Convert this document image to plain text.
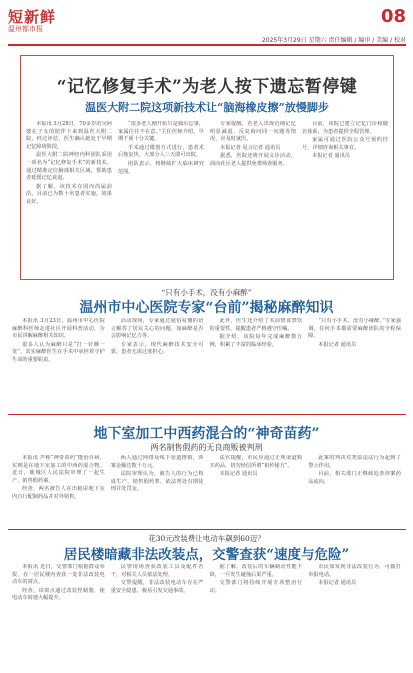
短新鲜
温州都市报
08
2025年3月29日 星期六 责任编辑 / 编审 / 美编 / 校对
“记忆修复手术”为老人按下遗忘暂停键
温医大附二院这项新技术让“脑海橡皮擦”放慢脚步

本报讯 3月28日，70多岁的吴阿婆在子女的陪伴下来到温医大附二院，经过评估，医生确认她处于早期记忆障碍阶段。

温医大附二院神经内科团队采用一项名为“记忆修复手术”的新技术，通过精准定位脑部相关区域，帮助患者延缓记忆衰退。

据了解，该技术在国内尚属前沿，目前已为数十名患者实施，效果良好。

“很多老人刚开始只是偶尔忘事，家属往往不在意。”主任医师介绍，早期干预十分关键。

手术通过微创方式进行，患者术后恢复快，大部分人三天即可出院。

团队表示，将继续扩大临床研究范围。

专家提醒，若老人出现近期记忆明显减退、反复询问同一问题等情况，应及时就医。

本报记者 见习记者 通讯员

据悉，医院还将开展义诊活动，面向社区老人提供免费筛查服务。

目前，该院已建立记忆门诊和随访体系，为患者提供全程管理。

家属可通过医院公众号预约挂号，详细咨询相关事宜。

本报记者 通讯员

“只有小手术，没有小麻醉”
温州市中心医院专家“台前”揭秘麻醉知识

本报讯 3月23日，温州市中心医院麻醉科医师走进社区开展科普活动，为市民讲解麻醉相关知识。

很多人认为麻醉只是“打一针睡一觉”，其实麻醉医生在手术中承担着守护生命的重要职责。

活动现场，专家通过通俗易懂的语言解答了居民关心的问题，如麻醉是否会影响记忆力等。

专家表示，现代麻醉技术安全可靠，患者无需过度担心。

此外，医生还介绍了术前禁食禁饮的重要性，提醒患者严格遵守医嘱。

据介绍，该院每年完成麻醉数万例，积累了丰富的临床经验。

“只有小手术，没有小麻醉。”专家强调，任何手术都需要麻醉团队的全程保障。

本报记者 通讯员

地下室加工中西药混合的“神奇苗药”
两名制售假药的无良商贩被判刑

本报讯 声称“神奇苗药”能治百病，实则是在地下室加工的中西药混合物。近日，鹿城区人民法院审理了一起生产、销售假药案。

经查，两名被告人在出租屋地下室内自行配制药品并对外销售。

两人通过网络及线下渠道推销，涉案金额达数十万元。

法院审理认为，被告人的行为已构成生产、销售假药罪，依法判处有期徒刑并处罚金。

法官提醒，市民应通过正规渠道购买药品，切勿轻信所谓“祖传秘方”。

本报记者 通讯员

此案的判决对类似违法行为起到了警示作用。

目前，相关部门正继续追查涉案药品流向。

花30元改装费让电动车飙到60迈？
居民楼暗藏非法改装点，交警查获“速度与危险”

本报讯 近日，交警部门根据群众举报，在一居民楼内查获一处非法改装电动车的窝点。

经查，该窝点通过改装控制器，使电动车时速大幅提升。

民警现场查获改装工具及配件若干，对相关人员依法处理。

交警提醒，非法改装电动车存在严重安全隐患，极易引发交通事故。

据了解，改装后的车辆制动性能下降，一旦发生碰撞后果严重。

交警部门将持续开展专项整治行动。

市民如发现非法改装行为，可拨打举报电话。

本报记者 通讯员
